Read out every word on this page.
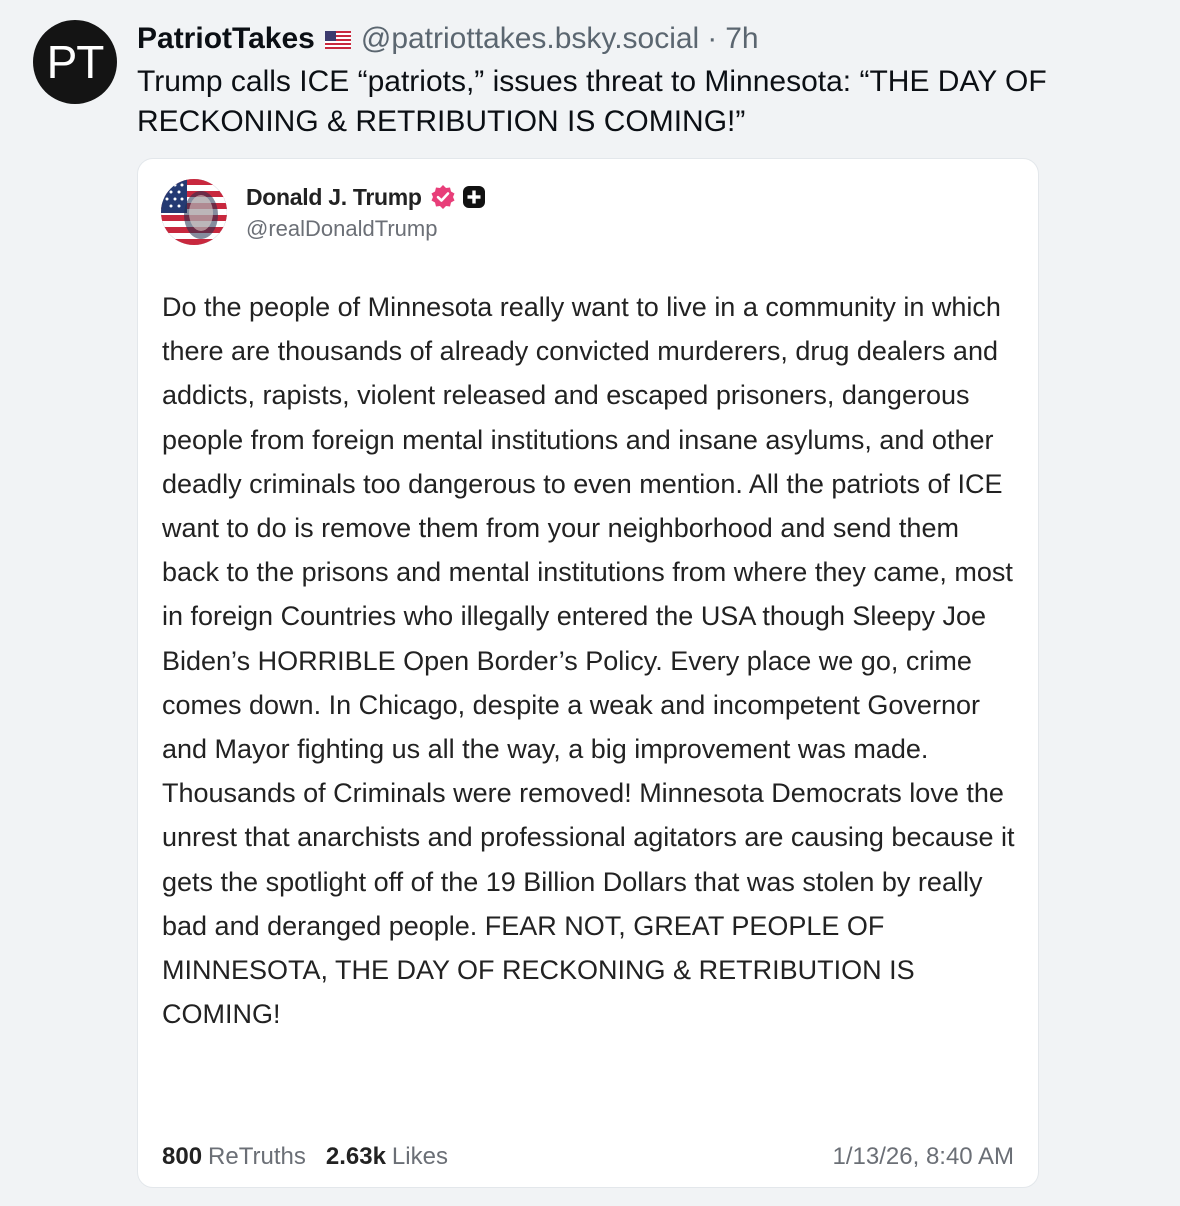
PT PatriotTakes @patriottakes.bsky.social · 7h
Trump calls ICE “patriots,” issues threat to Minnesota: “THE DAY OF
RECKONING & RETRIBUTION IS COMING!”
Donald J. Trump
@realDonaldTrump
Do the people of Minnesota really want to live in a community in which there are thousands of already convicted murderers, drug dealers and addicts, rapists, violent released and escaped prisoners, dangerous people from foreign mental institutions and insane asylums, and other deadly criminals too dangerous to even mention. All the patriots of ICE want to do is remove them from your neighborhood and send them back to the prisons and mental institutions from where they came, most in foreign Countries who illegally entered the USA though Sleepy Joe Biden’s HORRIBLE Open Border’s Policy. Every place we go, crime comes down. In Chicago, despite a weak and incompetent Governor and Mayor fighting us all the way, a big improvement was made. Thousands of Criminals were removed! Minnesota Democrats love the unrest that anarchists and professional agitators are causing because it gets the spotlight off of the 19 Billion Dollars that was stolen by really bad and deranged people. FEAR NOT, GREAT PEOPLE OF MINNESOTA, THE DAY OF RECKONING & RETRIBUTION IS COMING!
800 ReTruths 2.63k Likes	1/13/26, 8:40 AM
